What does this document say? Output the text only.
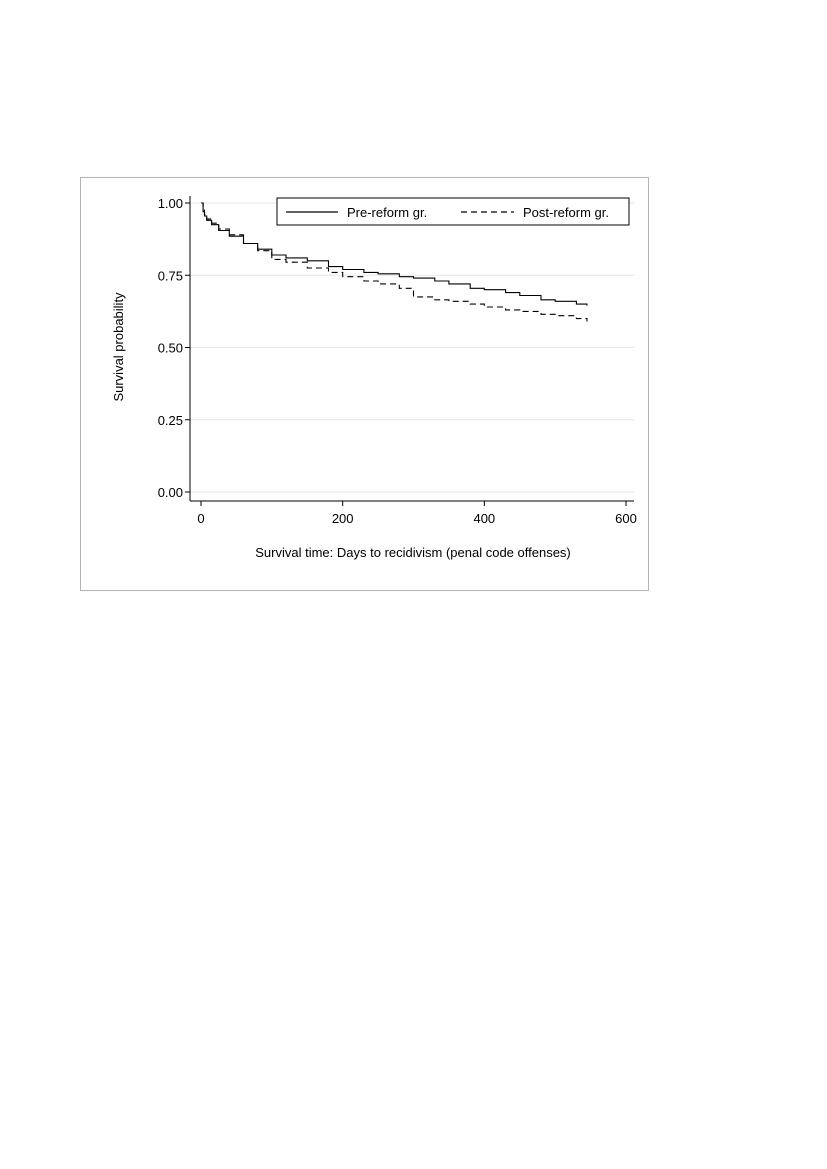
0.00
0.25
0.50
0.75
1.00
0	200	400	600
Survival probability
Survival time: Days to recidivism (penal code offenses)
Pre-reform gr.	Post-reform gr.
